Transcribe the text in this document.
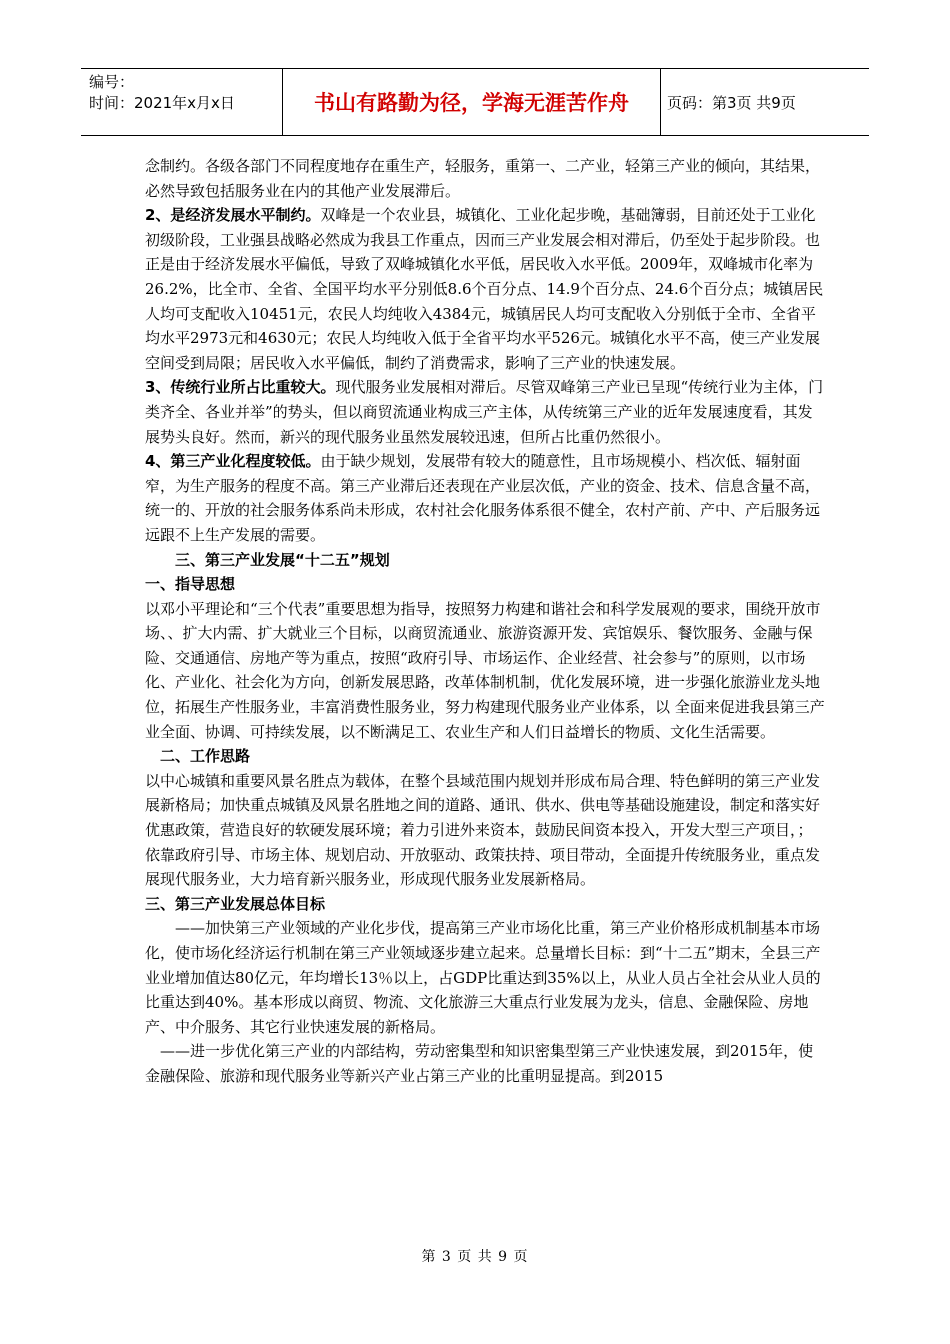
编号：
时间：2021年x月x日	书山有路勤为径，学海无涯苦作舟	页码：第3页 共9页

念制约。各级各部门不同程度地存在重生产，轻服务，重第一、二产业，轻第三产业的倾向，其结果，必然导致包括服务业在内的其他产业发展滞后。

2、是经济发展水平制约。双峰是一个农业县，城镇化、工业化起步晚，基础簿弱，目前还处于工业化初级阶段，工业强县战略必然成为我县工作重点，因而三产业发展会相对滞后，仍至处于起步阶段。也正是由于经济发展水平偏低，导致了双峰城镇化水平低，居民收入水平低。2009年，双峰城市化率为26.2%，比全市、全省、全国平均水平分别低8.6个百分点、14.9个百分点、24.6个百分点；城镇居民人均可支配收入10451元，农民人均纯收入4384元，城镇居民人均可支配收入分别低于全市、全省平均水平2973元和4630元；农民人均纯收入低于全省平均水平526元。城镇化水平不高，使三产业发展空间受到局限；居民收入水平偏低，制约了消费需求，影响了三产业的快速发展。

3、传统行业所占比重较大。现代服务业发展相对滞后。尽管双峰第三产业已呈现“传统行业为主体，门类齐全、各业并举”的势头，但以商贸流通业构成三产主体，从传统第三产业的近年发展速度看，其发展势头良好。然而，新兴的现代服务业虽然发展较迅速，但所占比重仍然很小。

4、第三产业化程度较低。由于缺少规划，发展带有较大的随意性，且市场规模小、档次低、辐射面窄，为生产服务的程度不高。第三产业滞后还表现在产业层次低，产业的资金、技术、信息含量不高，统一的、开放的社会服务体系尚未形成，农村社会化服务体系很不健全，农村产前、产中、产后服务远远跟不上生产发展的需要。

三、第三产业发展“十二五”规划

一、指导思想

以邓小平理论和“三个代表”重要思想为指导，按照努力构建和谐社会和科学发展观的要求，围绕开放市场、、扩大内需、扩大就业三个目标，以商贸流通业、旅游资源开发、宾馆娱乐、餐饮服务、金融与保险、交通通信、房地产等为重点，按照“政府引导、市场运作、企业经营、社会参与”的原则，以市场化、产业化、社会化为方向，创新发展思路，改革体制机制，优化发展环境，进一步强化旅游业龙头地位，拓展生产性服务业，丰富消费性服务业，努力构建现代服务业产业体系，以 全面来促进我县第三产业全面、协调、可持续发展，以不断满足工、农业生产和人们日益增长的物质、文化生活需要。

二、工作思路

以中心城镇和重要风景名胜点为载体，在整个县域范围内规划并形成布局合理、特色鲜明的第三产业发展新格局；加快重点城镇及风景名胜地之间的道路、通讯、供水、供电等基础设施建设，制定和落实好优惠政策，营造良好的软硬发展环境；着力引进外来资本，鼓励民间资本投入，开发大型三产项目，；依靠政府引导、市场主体、规划启动、开放驱动、政策扶持、项目带动，全面提升传统服务业，重点发展现代服务业，大力培育新兴服务业，形成现代服务业发展新格局。

三、第三产业发展总体目标

——加快第三产业领域的产业化步伐，提高第三产业市场化比重，第三产业价格形成机制基本市场化，使市场化经济运行机制在第三产业领域逐步建立起来。总量增长目标：到“十二五”期末，全县三产业业增加值达80亿元，年均增长13％以上，占GDP比重达到35%以上，从业人员占全社会从业人员的比重达到40%。基本形成以商贸、物流、文化旅游三大重点行业发展为龙头，信息、金融保险、房地产、中介服务、其它行业快速发展的新格局。

——进一步优化第三产业的内部结构，劳动密集型和知识密集型第三产业快速发展，到2015年，使金融保险、旅游和现代服务业等新兴产业占第三产业的比重明显提高。到2015

第 3 页 共 9 页
